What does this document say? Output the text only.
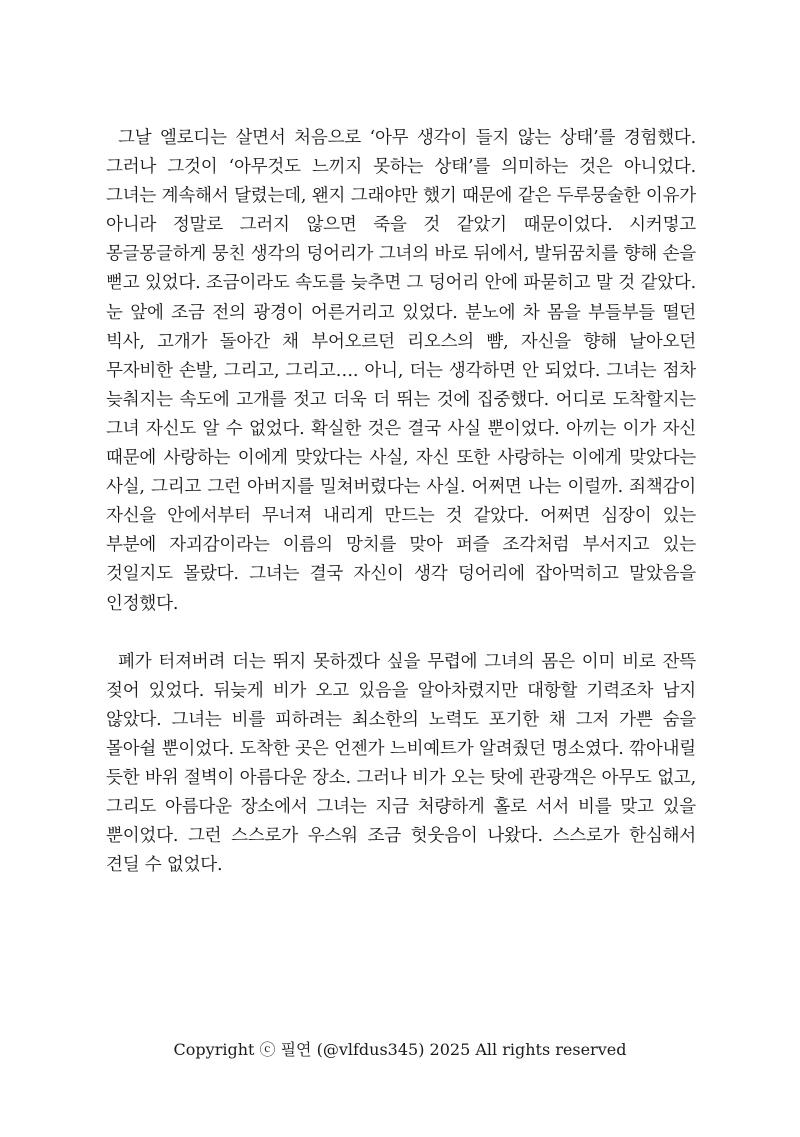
그날 엘로디는 살면서 처음으로 ‘아무 생각이 들지 않는 상태’를 경험했다. 그러나 그것이 ‘아무것도 느끼지 못하는 상태’를 의미하는 것은 아니었다. 그녀는 계속해서 달렸는데, 왠지 그래야만 했기 때문에 같은 두루뭉술한 이유가 아니라 정말로 그러지 않으면 죽을 것 같았기 때문이었다. 시커멓고 몽글몽글하게 뭉친 생각의 덩어리가 그녀의 바로 뒤에서, 발뒤꿈치를 향해 손을 뻗고 있었다. 조금이라도 속도를 늦추면 그 덩어리 안에 파묻히고 말 것 같았다. 눈 앞에 조금 전의 광경이 어른거리고 있었다. 분노에 차 몸을 부들부들 떨던 빅사, 고개가 돌아간 채 부어오르던 리오스의 뺨, 자신을 향해 날아오던 무자비한 손발, 그리고, 그리고…. 아니, 더는 생각하면 안 되었다. 그녀는 점차 늦춰지는 속도에 고개를 젓고 더욱 더 뛰는 것에 집중했다. 어디로 도착할지는 그녀 자신도 알 수 없었다. 확실한 것은 결국 사실 뿐이었다. 아끼는 이가 자신 때문에 사랑하는 이에게 맞았다는 사실, 자신 또한 사랑하는 이에게 맞았다는 사실, 그리고 그런 아버지를 밀쳐버렸다는 사실. 어쩌면 나는 이럴까. 죄책감이 자신을 안에서부터 무너져 내리게 만드는 것 같았다. 어쩌면 심장이 있는 부분에 자괴감이라는 이름의 망치를 맞아 퍼즐 조각처럼 부서지고 있는 것일지도 몰랐다. 그녀는 결국 자신이 생각 덩어리에 잡아먹히고 말았음을 인정했다.

폐가 터져버려 더는 뛰지 못하겠다 싶을 무렵에 그녀의 몸은 이미 비로 잔뜩 젖어 있었다. 뒤늦게 비가 오고 있음을 알아차렸지만 대항할 기력조차 남지 않았다. 그녀는 비를 피하려는 최소한의 노력도 포기한 채 그저 가쁜 숨을 몰아쉴 뿐이었다. 도착한 곳은 언젠가 느비예트가 알려줬던 명소였다. 깎아내릴 듯한 바위 절벽이 아름다운 장소. 그러나 비가 오는 탓에 관광객은 아무도 없고, 그리도 아름다운 장소에서 그녀는 지금 처량하게 홀로 서서 비를 맞고 있을 뿐이었다. 그런 스스로가 우스워 조금 헛웃음이 나왔다. 스스로가 한심해서 견딜 수 없었다.

Copyright ⓒ 필연 (@vlfdus345) 2025 All rights reserved
